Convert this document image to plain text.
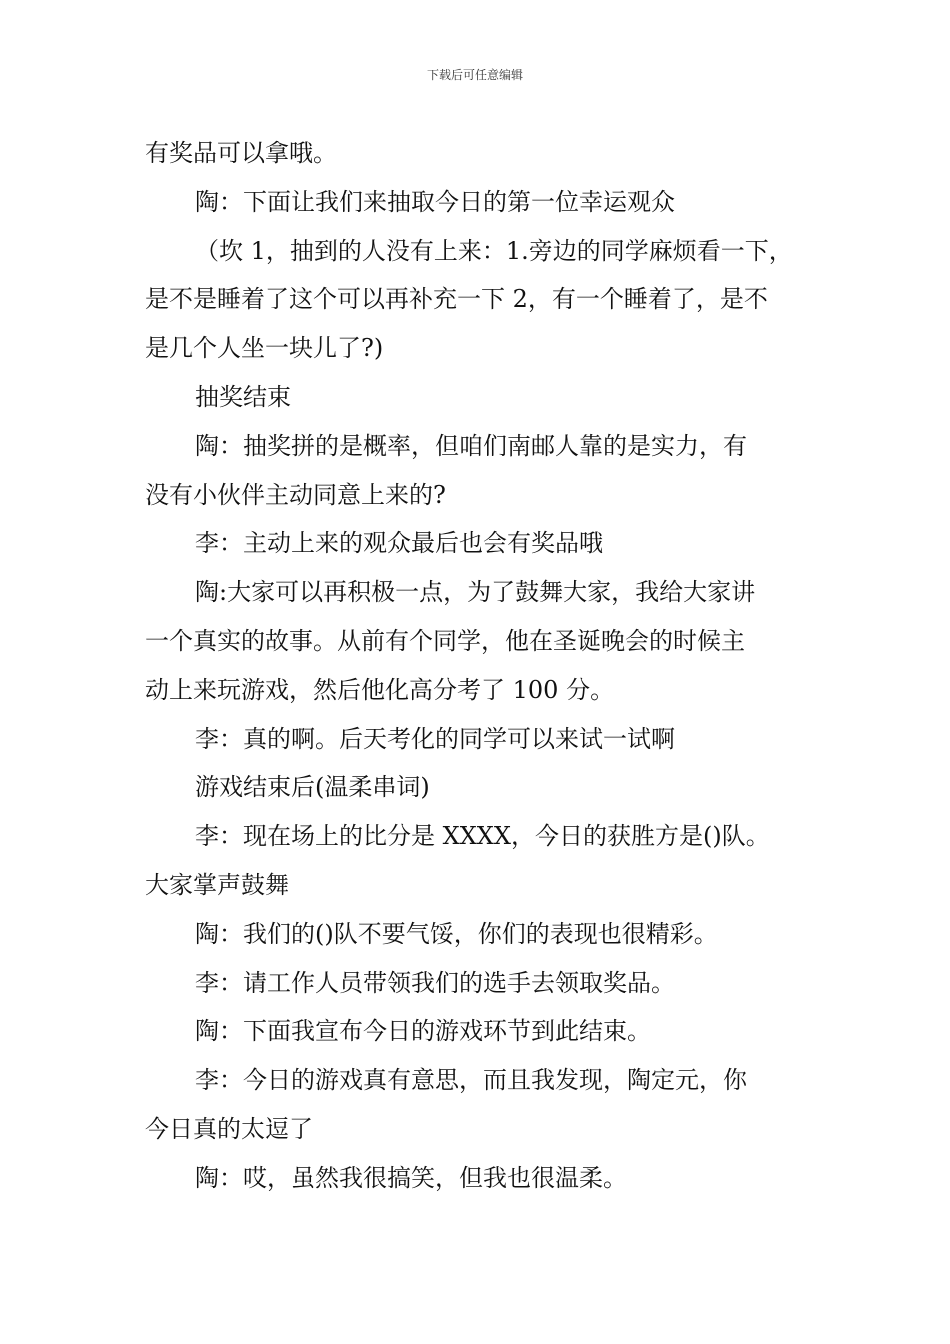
下载后可任意编辑
有奖品可以拿哦。
陶：下面让我们来抽取今日的第一位幸运观众
（坎 1，抽到的人没有上来：1.旁边的同学麻烦看一下，
是不是睡着了这个可以再补充一下 2，有一个睡着了，是不
是几个人坐一块儿了?)
抽奖结束
陶：抽奖拼的是概率，但咱们南邮人靠的是实力，有
没有小伙伴主动同意上来的?
李：主动上来的观众最后也会有奖品哦
陶:大家可以再积极一点，为了鼓舞大家，我给大家讲
一个真实的故事。从前有个同学，他在圣诞晚会的时候主
动上来玩游戏，然后他化高分考了 100 分。
李：真的啊。后天考化的同学可以来试一试啊
游戏结束后(温柔串词)
李：现在场上的比分是 XXXX，今日的获胜方是()队。
大家掌声鼓舞
陶：我们的()队不要气馁，你们的表现也很精彩。
李：请工作人员带领我们的选手去领取奖品。
陶：下面我宣布今日的游戏环节到此结束。
李：今日的游戏真有意思，而且我发现，陶定元，你
今日真的太逗了
陶：哎，虽然我很搞笑，但我也很温柔。
